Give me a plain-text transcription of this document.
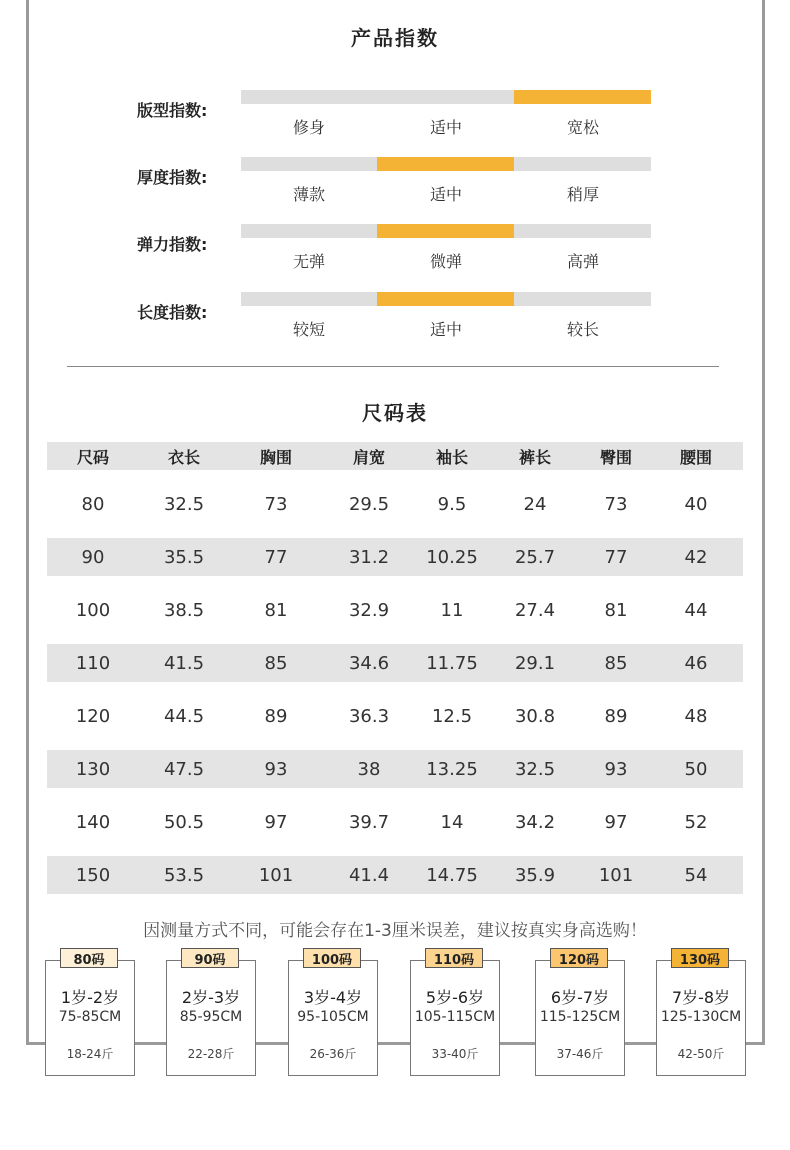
产品指数
版型指数:
修身	适中	宽松
厚度指数:
薄款	适中	稍厚
弹力指数:
无弹	微弹	高弹
长度指数:
较短	适中	较长
尺码表
尺码	衣长	胸围	肩宽	袖长	裤长	臀围	腰围
80	32.5	73	29.5	9.5	24	73	40
90	35.5	77	31.2	10.25	25.7	77	42
100	38.5	81	32.9	11	27.4	81	44
110	41.5	85	34.6	11.75	29.1	85	46
120	44.5	89	36.3	12.5	30.8	89	48
130	47.5	93	38	13.25	32.5	93	50
140	50.5	97	39.7	14	34.2	97	52
150	53.5	101	41.4	14.75	35.9	101	54
因测量方式不同，可能会存在1-3厘米误差，建议按真实身高选购！
80码
1岁-2岁
75-85CM
18-24斤
90码
2岁-3岁
85-95CM
22-28斤
100码
3岁-4岁
95-105CM
26-36斤
110码
5岁-6岁
105-115CM
33-40斤
120码
6岁-7岁
115-125CM
37-46斤
130码
7岁-8岁
125-130CM
42-50斤
